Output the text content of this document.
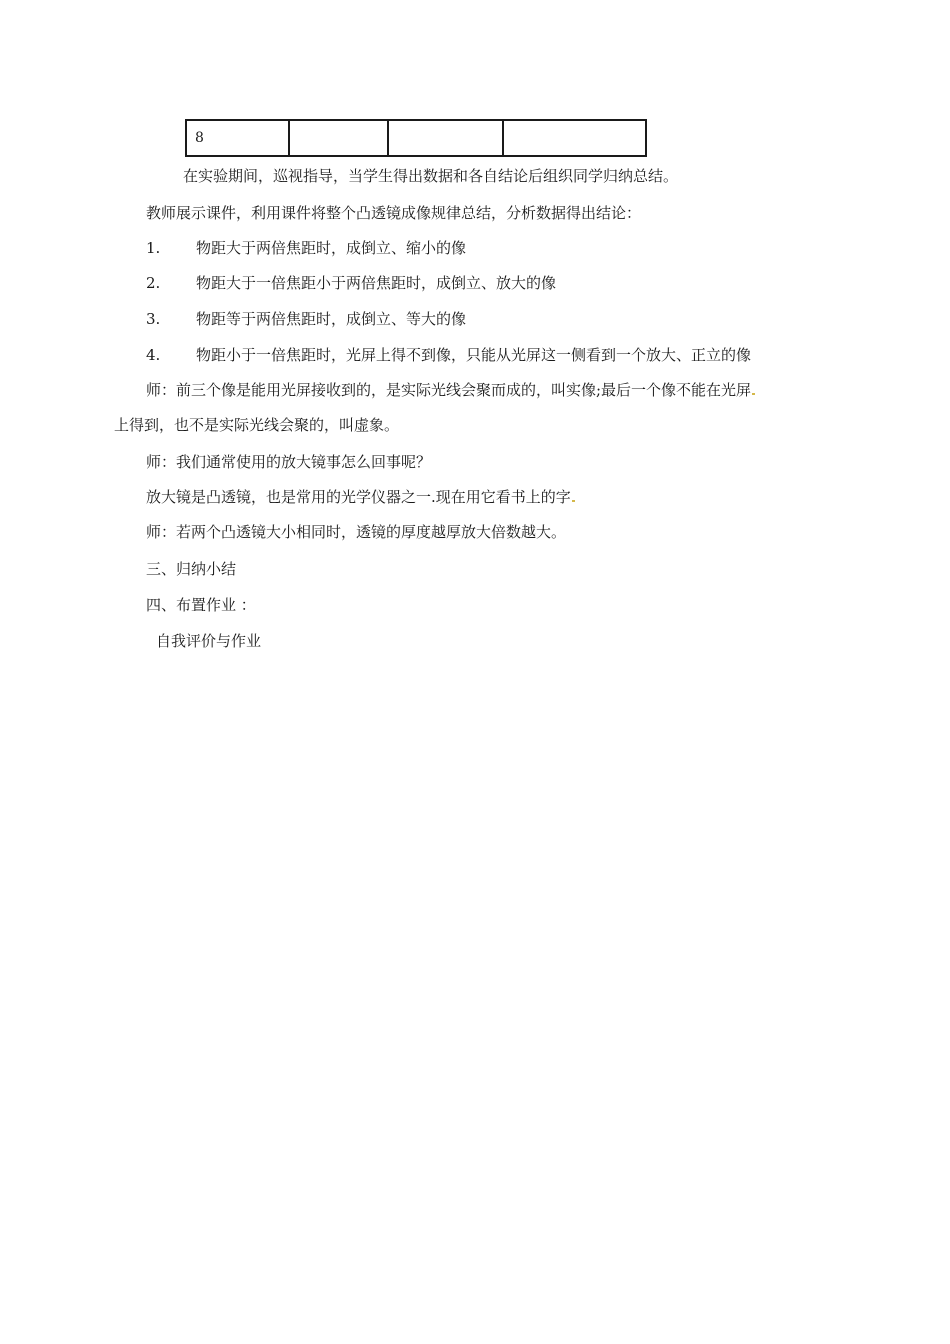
8			
在实验期间，巡视指导，当学生得出数据和各自结论后组织同学归纳总结。
教师展示课件，利用课件将整个凸透镜成像规律总结，分析数据得出结论：
1. 物距大于两倍焦距时，成倒立、缩小的像
2. 物距大于一倍焦距小于两倍焦距时，成倒立、放大的像
3. 物距等于两倍焦距时，成倒立、等大的像
4. 物距小于一倍焦距时，光屏上得不到像，只能从光屏这一侧看到一个放大、正立的像
师：前三个像是能用光屏接收到的，是实际光线会聚而成的，叫实像;最后一个像不能在光屏
上得到，也不是实际光线会聚的，叫虚象。
师：我们通常使用的放大镜事怎么回事呢？
放大镜是凸透镜，也是常用的光学仪器之一.现在用它看书上的字
师：若两个凸透镜大小相同时，透镜的厚度越厚放大倍数越大。
三、归纳小结
四、布置作业 ：
自我评价与作业
